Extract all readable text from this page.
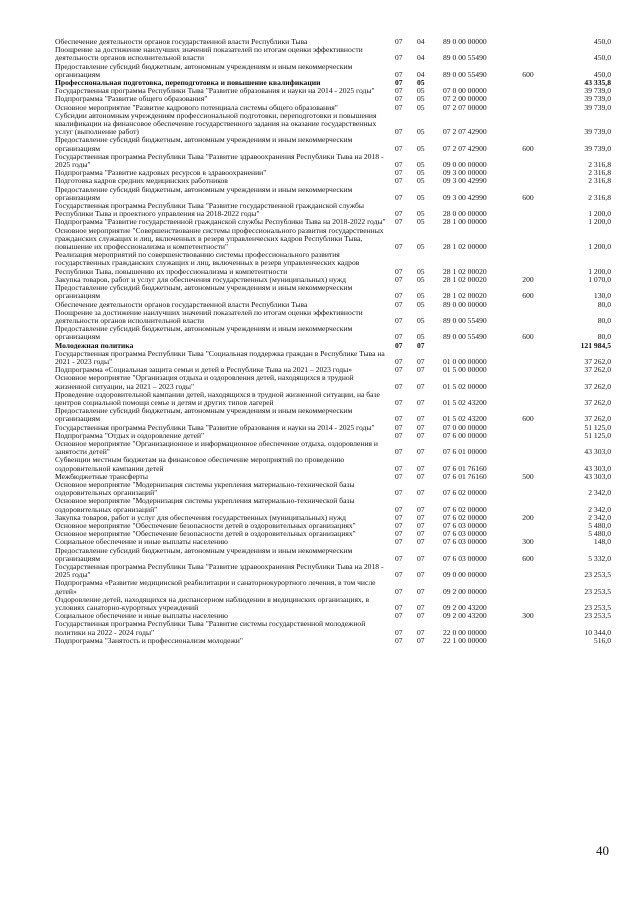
Обеспечение деятельности органов государственной власти Республики Тыва	07	04	89 0 00 00000		450,0
Поощрение за достижение наилучших значений показателей по итогам оценки эффективности деятельности органов исполнительной власти	07	04	89 0 00 55490		450,0
Предоставление субсидий бюджетным, автономным учреждениям и иным некоммерческим организациям	07	04	89 0 00 55490	600	450,0
Профессиональная подготовка, переподготовка и повышение квалификации	07	05			43 335,8
Государственная программа Республики Тыва "Развитие образования и науки на 2014 - 2025 годы"	07	05	07 0 00 00000		39 739,0
Подпрограмма "Развитие общего образования"	07	05	07 2 00 00000		39 739,0
Основное мероприятие "Развитие кадрового потенциала системы общего образования"	07	05	07 2 07 00000		39 739,0
Субсидии автономным учреждениям профессиональной подготовки, переподготовки и повышения квалификации на финансовое обеспечение государственного задания на оказание государственных услуг (выполнение работ)	07	05	07 2 07 42900		39 739,0
Предоставление субсидий бюджетным, автономным учреждениям и иным некоммерческим организациям	07	05	07 2 07 42900	600	39 739,0
Государственная программа Республики Тыва "Развитие здравоохранения Республики Тыва на 2018 - 2025 годы"	07	05	09 0 00 00000		2 316,8
Подпрограмма "Развитие кадровых ресурсов в здравоохранении"	07	05	09 3 00 00000		2 316,8
Подготовка кадров средних медицинских работников	07	05	09 3 00 42990		2 316,8
Предоставление субсидий бюджетным, автономным учреждениям и иным некоммерческим организациям	07	05	09 3 00 42990	600	2 316,8
Государственная программа Республики Тыва "Развитие государственной гражданской службы Республики Тыва и проектного управления на 2018-2022 годы"	07	05	28 0 00 00000		1 200,0
Подпрограмма "Развитие государственной гражданской службы Республики Тыва на 2018-2022 годы"	07	05	28 1 00 00000		1 200,0
Основное мероприятие "Совершенствование системы профессионального развития государственных гражданских служащих и лиц, включенных в резерв управленческих кадров Республики Тыва, повышение их профессионализма и компетентности"	07	05	28 1 02 00000		1 200,0
Реализация мероприятий по совершенствованию системы профессионального развития государственных гражданских служащих и лиц, включенных в резерв управленческих кадров Республики Тыва, повышению их профессионализма и компетентности	07	05	28 1 02 00020		1 200,0
Закупка товаров, работ и услуг для обеспечения государственных (муниципальных) нужд	07	05	28 1 02 00020	200	1 070,0
Предоставление субсидий бюджетным, автономным учреждениям и иным некоммерческим организациям	07	05	28 1 02 00020	600	130,0
Обеспечение деятельности органов государственной власти Республики Тыва	07	05	89 0 00 00000		80,0
Поощрение за достижение наилучших значений показателей по итогам оценки эффективности деятельности органов исполнительной власти	07	05	89 0 00 55490		80,0
Предоставление субсидий бюджетным, автономным учреждениям и иным некоммерческим организациям	07	05	89 0 00 55490	600	80,0
Молодежная политика	07	07			121 984,5
Государственная программа Республики Тыва "Социальная поддержка граждан в Республике Тыва на 2021 - 2023 годы"	07	07	01 0 00 00000		37 262,0
Подпрограмма «Социальная защита семьи и детей в Республике Тыва на 2021 – 2023 годы»	07	07	01 5 00 00000		37 262,0
Основное мероприятие "Организация отдыха и оздоровления детей, находящихся в трудной жизненной ситуации, на 2021 – 2023 годы"	07	07	01 5 02 00000		37 262,0
Проведение оздоровительной кампании детей, находящихся в трудной жизненной ситуации, на базе центров социальной помощи семье и детям и других типов лагерей	07	07	01 5 02 43200		37 262,0
Предоставление субсидий бюджетным, автономным учреждениям и иным некоммерческим организациям	07	07	01 5 02 43200	600	37 262,0
Государственная программа Республики Тыва "Развитие образования и науки на 2014 - 2025 годы"	07	07	07 0 00 00000		51 125,0
Подпрограмма "Отдых и оздоровление детей"	07	07	07 6 00 00000		51 125,0
Основное мероприятие "Организационное и информационное обеспечение отдыха, оздоровления и занятости детей"	07	07	07 6 01 00000		43 303,0
Субвенции местным бюджетам на финансовое обеспечение мероприятий по проведению оздоровительной кампании детей	07	07	07 6 01 76160		43 303,0
Межбюджетные трансферты	07	07	07 6 01 76160	500	43 303,0
Основное мероприятие "Модернизация системы укрепления материально-технической базы оздоровительных организаций"	07	07	07 6 02 00000		2 342,0
Основное мероприятие "Модернизация системы укрепления материально-технической базы оздоровительных организаций"	07	07	07 6 02 00000		2 342,0
Закупка товаров, работ и услуг для обеспечения государственных (муниципальных) нужд	07	07	07 6 02 00000	200	2 342,0
Основное мероприятие "Обеспечение безопасности детей в оздоровительных организациях"	07	07	07 6 03 00000		5 480,0
Основное мероприятие "Обеспечение безопасности детей в оздоровительных организациях"	07	07	07 6 03 00000		5 480,0
Социальное обеспечение и иные выплаты населению	07	07	07 6 03 00000	300	148,0
Предоставление субсидий бюджетным, автономным учреждениям и иным некоммерческим организациям	07	07	07 6 03 00000	600	5 332,0
Государственная программа Республики Тыва "Развитие здравоохранения Республики Тыва на 2018 - 2025 годы"	07	07	09 0 00 00000		23 253,5
Подпрограмма «Развитие медицинской реабилитации и санаторнокурортного лечения, в том числе детей»	07	07	09 2 00 00000		23 253,5
Оздоровление детей, находящихся на диспансерном наблюдении в медицинских организациях, в условиях санаторно-курортных учреждений	07	07	09 2 00 43200		23 253,5
Социальное обеспечение и иные выплаты населению	07	07	09 2 00 43200	300	23 253,5
Государственная программа Республики Тыва "Развитие системы государственной молодежной политики на 2022 - 2024 годы"	07	07	22 0 00 00000		10 344,0
Подпрограмма "Занятость и профессионализм молодежи"	07	07	22 1 00 00000		516,0
40
